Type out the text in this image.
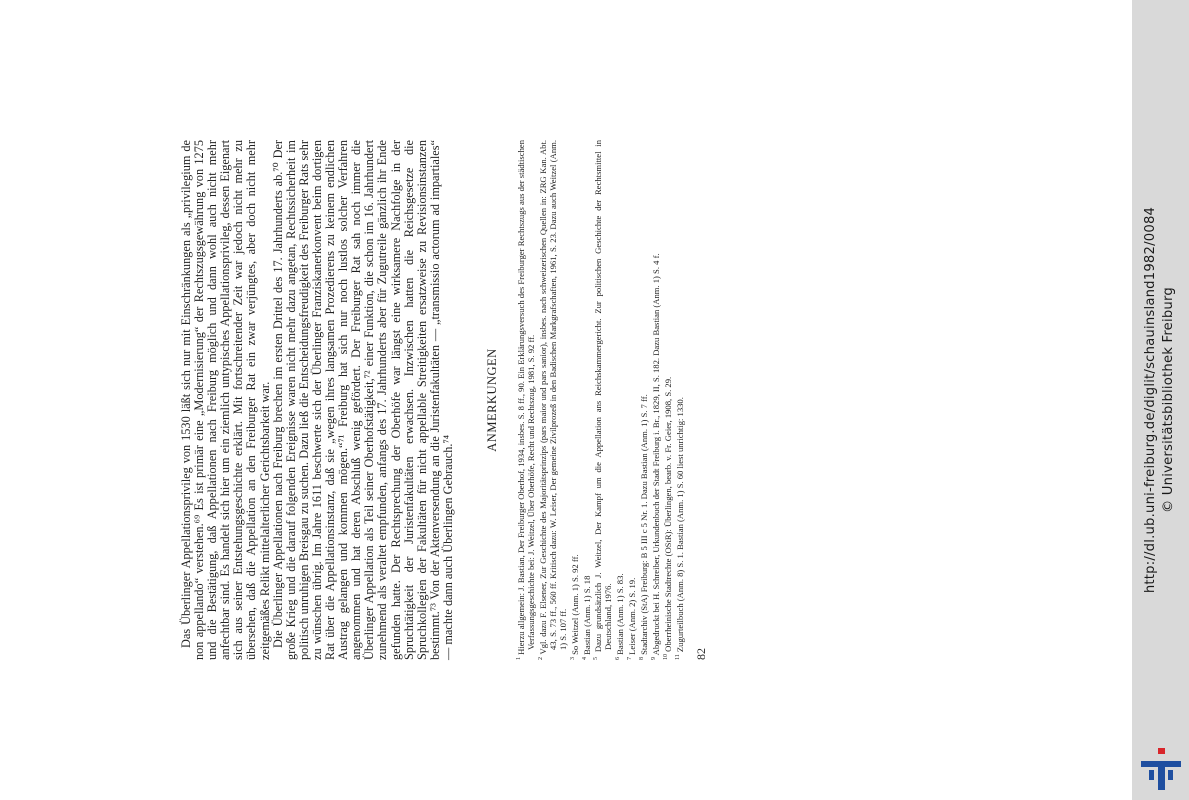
Das Überlinger Appellationsprivileg von 1530 läßt sich nur mit Einschränkungen als „privilegium de non appellando“ verstehen.⁶⁹ Es ist primär eine „Modernisierung“ der Rechtszugsgewährung von 1275 und die Bestätigung, daß Appellationen nach Freiburg möglich und dann wohl auch nicht mehr anfechtbar sind. Es handelt sich hier um ein ziemlich untypisches Appellationsprivileg, dessen Eigenart sich aus seiner Entstehungsgeschichte erklärt. Mit fortschreitender Zeit war jedoch nicht mehr zu übersehen, daß die Appellation an den Freiburger Rat ein zwar verjüngtes, aber doch nicht mehr zeitgemäßes Relikt mittelalterlicher Gerichtsbarkeit war. Die Überlinger Appellationen nach Freiburg brechen im ersten Drittel des 17. Jahrhunderts ab.⁷⁰ Der große Krieg und die darauf folgenden Ereignisse waren nicht mehr dazu angetan, Rechtssicherheit im politisch unruhigen Breisgau zu suchen. Dazu ließ die Entscheidungsfreudigkeit des Freiburger Rats sehr zu wünschen übrig. Im Jahre 1611 beschwerte sich der Überlinger Franziskanerkonvent beim dortigen Rat über die Appellationsinstanz, daß sie „wegen ihres langsamen Prozedierens zu keinem endlichen Austrag gelangen und kommen mögen.“⁷¹ Freiburg hat sich nur noch lustlos solcher Verfahren angenommen und hat deren Abschluß wenig gefördert. Der Freiburger Rat sah noch immer die Überlinger Appellation als Teil seiner Oberhofstätigkeit,⁷² einer Funktion, die schon im 16. Jahrhundert zunehmend als veraltet empfunden, anfangs des 17. Jahrhunderts aber für Zugutreile gänzlich ihr Ende gefunden hatte. Der Rechtsprechung der Oberhöfe war längst eine wirksamere Nachfolge in der Spruchtätigkeit der Juristenfakultäten erwachsen. Inzwischen hatten die Reichsgesetze die Spruchkollegien der Fakultäten für nicht appellable Streitigkeiten ersatzweise zu Revisionsinstanzen bestimmt.⁷³ Von der Aktenversendung an die Juristenfakultäten — „transmissio actorum ad impartiales“ — machte dann auch Überlingen Gebrauch.⁷⁴

ANMERKUNGEN

$^1$ Hierzu allgemein: J. Bastian, Der Freiburger Oberhof, 1934, insbes. S. 8 ff., 90. Ein Erklärungsversuch des Freiburger Rechtszugs aus der städtischen Verfassungsgeschichte bei: J. Weitzel, Über Oberhöfe, Recht und Rechtszug, 1981, S. 92 ff.

$^2$ Vgl. dazu F. Elsener, Zur Geschichte des Majoritätsprinzips (pars maior und pars sanior), insbes. nach schweizerischen Quellen in: ZRG Kan. Abt. 43, S. 73 ff., 560 ff. Kritisch dazu: W. Leiser, Der gemeine Zivilprozeß in den Badischen Markgrafschaften, 1961, S. 23. Dazu auch Weitzel (Anm. 1) S. 107 ff.

$^3$ So Weitzel (Anm. 1) S. 92 ff.

$^4$ Bastian (Anm. 1) S. 18

$^5$ Dazu grundsätzlich J. Weitzel, Der Kampf um die Appellation ans Reichskammergericht. Zur politischen Geschichte der Rechtsmittel in Deutschland, 1976.

$^6$ Bastian (Anm. 1) S. 83.

$^7$ Leiser (Anm. 2) S. 19.

$^8$ Stadtarchiv (StA) Freiburg: B 5 III c 5 Nr. 1. Dazu Bastian (Anm. 1) S. 7 ff.

$^9$ Abgedruckt bei H. Schreiber, Urkundenbuch der Stadt Freiburg i. Br., 1829, II, S. 182. Dazu Bastian (Anm. 1) S. 4 f.

$^{10}$ Oberrheinische Stadtrechte (OStR): Überlingen, bearb. v. Fr. Geier, 1908, S. 29.

$^{11}$ Zugurteilbuch (Anm. 8) S. 1. Bastian (Anm. 1) S. 60 liest unrichtig: 1330.

82
http://dl.ub.uni-freiburg.de/diglit/schauinsland1982/0084 © Universitätsbibliothek Freiburg
